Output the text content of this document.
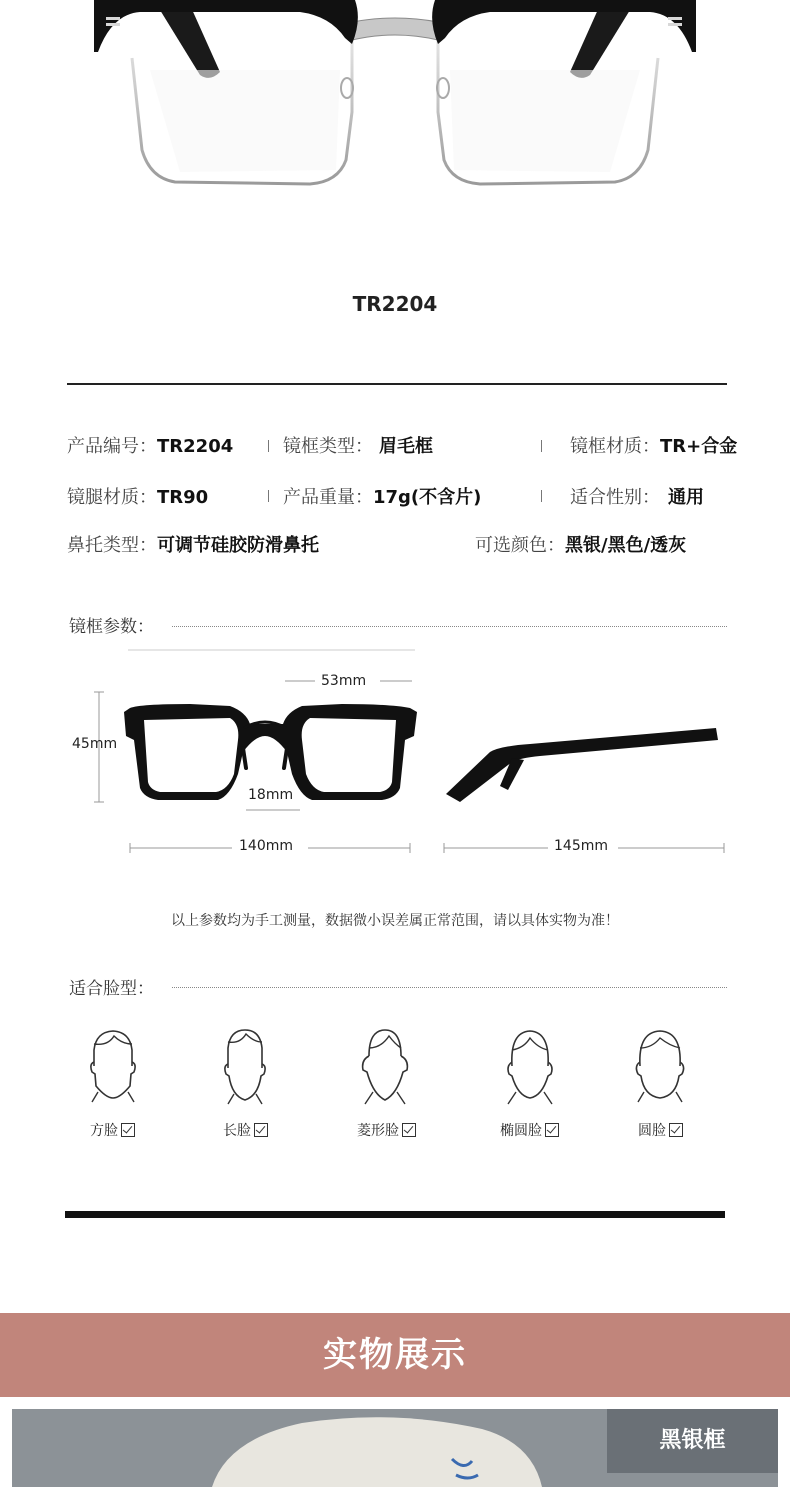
TR2204
产品编号：TR2204	镜框类型： 眉毛框	镜框材质：TR+合金
镜腿材质：TR90	产品重量：17g(不含片)	适合性别： 通用
鼻托类型：可调节硅胶防滑鼻托	可选颜色：黑银/黑色/透灰
镜框参数：
53mm
45mm
18mm
140mm	145mm
以上参数均为手工测量，数据微小误差属正常范围，请以具体实物为准！
适合脸型：
方脸	长脸	菱形脸	椭圆脸	圆脸
实物展示
黑银框
